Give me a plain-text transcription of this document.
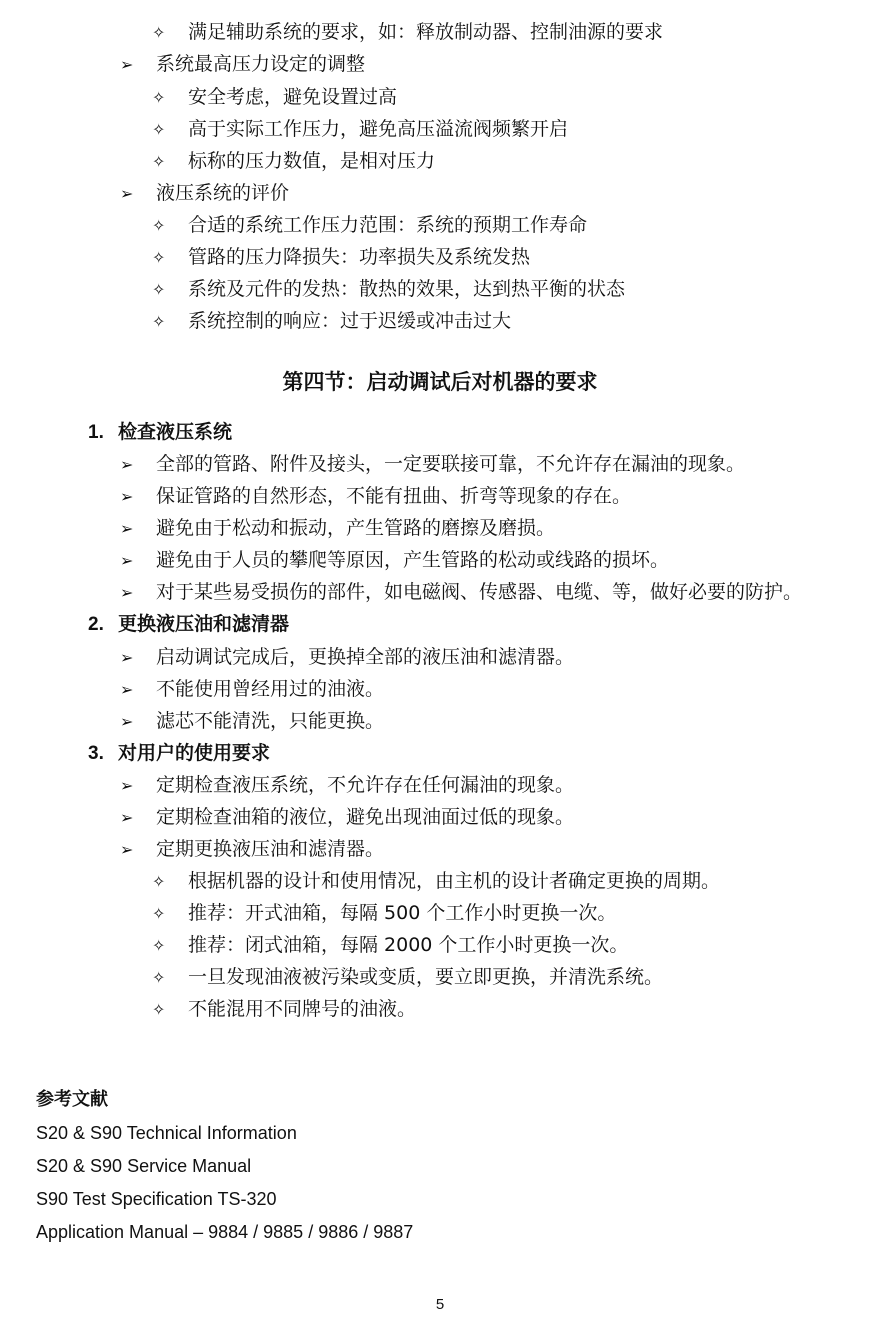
✧ 满足辅助系统的要求，如：释放制动器、控制油源的要求
➢ 系统最高压力设定的调整
✧ 安全考虑，避免设置过高
✧ 高于实际工作压力，避免高压溢流阀频繁开启
✧ 标称的压力数值，是相对压力
➢ 液压系统的评价
✧ 合适的系统工作压力范围：系统的预期工作寿命
✧ 管路的压力降损失：功率损失及系统发热
✧ 系统及元件的发热：散热的效果，达到热平衡的状态
✧ 系统控制的响应：过于迟缓或冲击过大
第四节：启动调试后对机器的要求
1. 检查液压系统
➢ 全部的管路、附件及接头，一定要联接可靠，不允许存在漏油的现象。
➢ 保证管路的自然形态，不能有扭曲、折弯等现象的存在。
➢ 避免由于松动和振动，产生管路的磨擦及磨损。
➢ 避免由于人员的攀爬等原因，产生管路的松动或线路的损坏。
➢ 对于某些易受损伤的部件，如电磁阀、传感器、电缆、等，做好必要的防护。
2. 更换液压油和滤清器
➢ 启动调试完成后，更换掉全部的液压油和滤清器。
➢ 不能使用曾经用过的油液。
➢ 滤芯不能清洗，只能更换。
3. 对用户的使用要求
➢ 定期检查液压系统，不允许存在任何漏油的现象。
➢ 定期检查油箱的液位，避免出现油面过低的现象。
➢ 定期更换液压油和滤清器。
✧ 根据机器的设计和使用情况，由主机的设计者确定更换的周期。
✧ 推荐：开式油箱，每隔 500 个工作小时更换一次。
✧ 推荐：闭式油箱，每隔 2000 个工作小时更换一次。
✧ 一旦发现油液被污染或变质，要立即更换，并清洗系统。
✧ 不能混用不同牌号的油液。
参考文献
S20 & S90 Technical Information
S20 & S90 Service Manual
S90 Test Specification TS-320
Application Manual – 9884 / 9885 / 9886 / 9887
5
